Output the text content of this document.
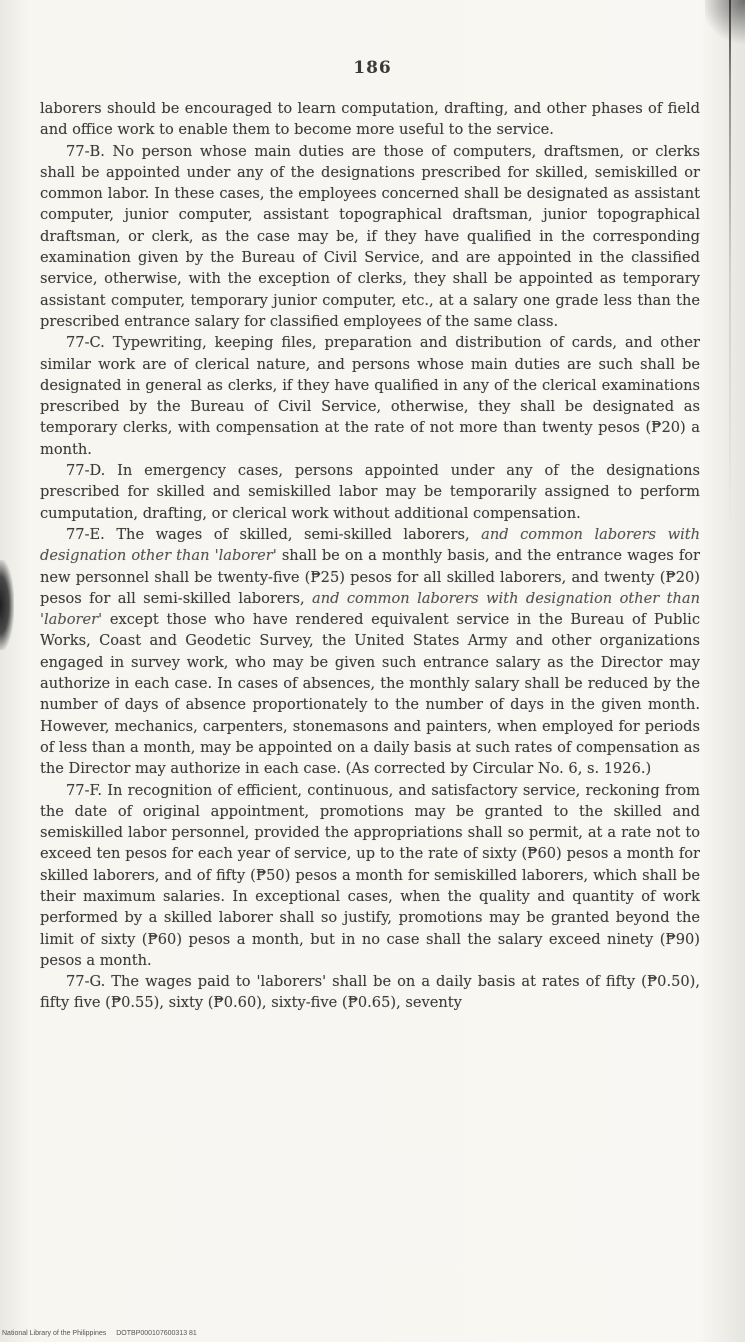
186

laborers should be encouraged to learn computation, drafting, and other phases of field and office work to enable them to become more useful to the service.

77-B. No person whose main duties are those of computers, draftsmen, or clerks shall be appointed under any of the designations prescribed for skilled, semiskilled or common labor. In these cases, the employees concerned shall be designated as assistant computer, junior computer, assistant topographical draftsman, junior topographical draftsman, or clerk, as the case may be, if they have qualified in the corresponding examination given by the Bureau of Civil Service, and are appointed in the classified service, otherwise, with the exception of clerks, they shall be appointed as temporary assistant computer, temporary junior computer, etc., at a salary one grade less than the prescribed entrance salary for classified employees of the same class.

77-C. Typewriting, keeping files, preparation and distribution of cards, and other similar work are of clerical nature, and persons whose main duties are such shall be designated in general as clerks, if they have qualified in any of the clerical examinations prescribed by the Bureau of Civil Service, otherwise, they shall be designated as temporary clerks, with compensation at the rate of not more than twenty pesos (₱20) a month.

77-D. In emergency cases, persons appointed under any of the designations prescribed for skilled and semiskilled labor may be temporarily assigned to perform cumputation, drafting, or clerical work without additional compensation.

77-E. The wages of skilled, semi-skilled laborers, and common laborers with designation other than 'laborer' shall be on a monthly basis, and the entrance wages for new personnel shall be twenty-five (₱25) pesos for all skilled laborers, and twenty (₱20) pesos for all semi-skilled laborers, and common laborers with designation other than 'laborer' except those who have rendered equivalent service in the Bureau of Public Works, Coast and Geodetic Survey, the United States Army and other organizations engaged in survey work, who may be given such entrance salary as the Director may authorize in each case. In cases of absences, the monthly salary shall be reduced by the number of days of absence proportionately to the number of days in the given month. However, mechanics, carpenters, stonemasons and painters, when employed for periods of less than a month, may be appointed on a daily basis at such rates of compensation as the Director may authorize in each case. (As corrected by Circular No. 6, s. 1926.)

77-F. In recognition of efficient, continuous, and satisfactory service, reckoning from the date of original appointment, promotions may be granted to the skilled and semiskilled labor personnel, provided the appropriations shall so permit, at a rate not to exceed ten pesos for each year of service, up to the rate of sixty (₱60) pesos a month for skilled laborers, and of fifty (₱50) pesos a month for semiskilled laborers, which shall be their maximum salaries. In exceptional cases, when the quality and quantity of work performed by a skilled laborer shall so justify, promotions may be granted beyond the limit of sixty (₱60) pesos a month, but in no case shall the salary exceed ninety (₱90) pesos a month.

77-G. The wages paid to 'laborers' shall be on a daily basis at rates of fifty (₱0.50), fifty five (₱0.55), sixty (₱0.60), sixty-five (₱0.65), seventy

National Library of the Philippines DOTBP000107600313 81
